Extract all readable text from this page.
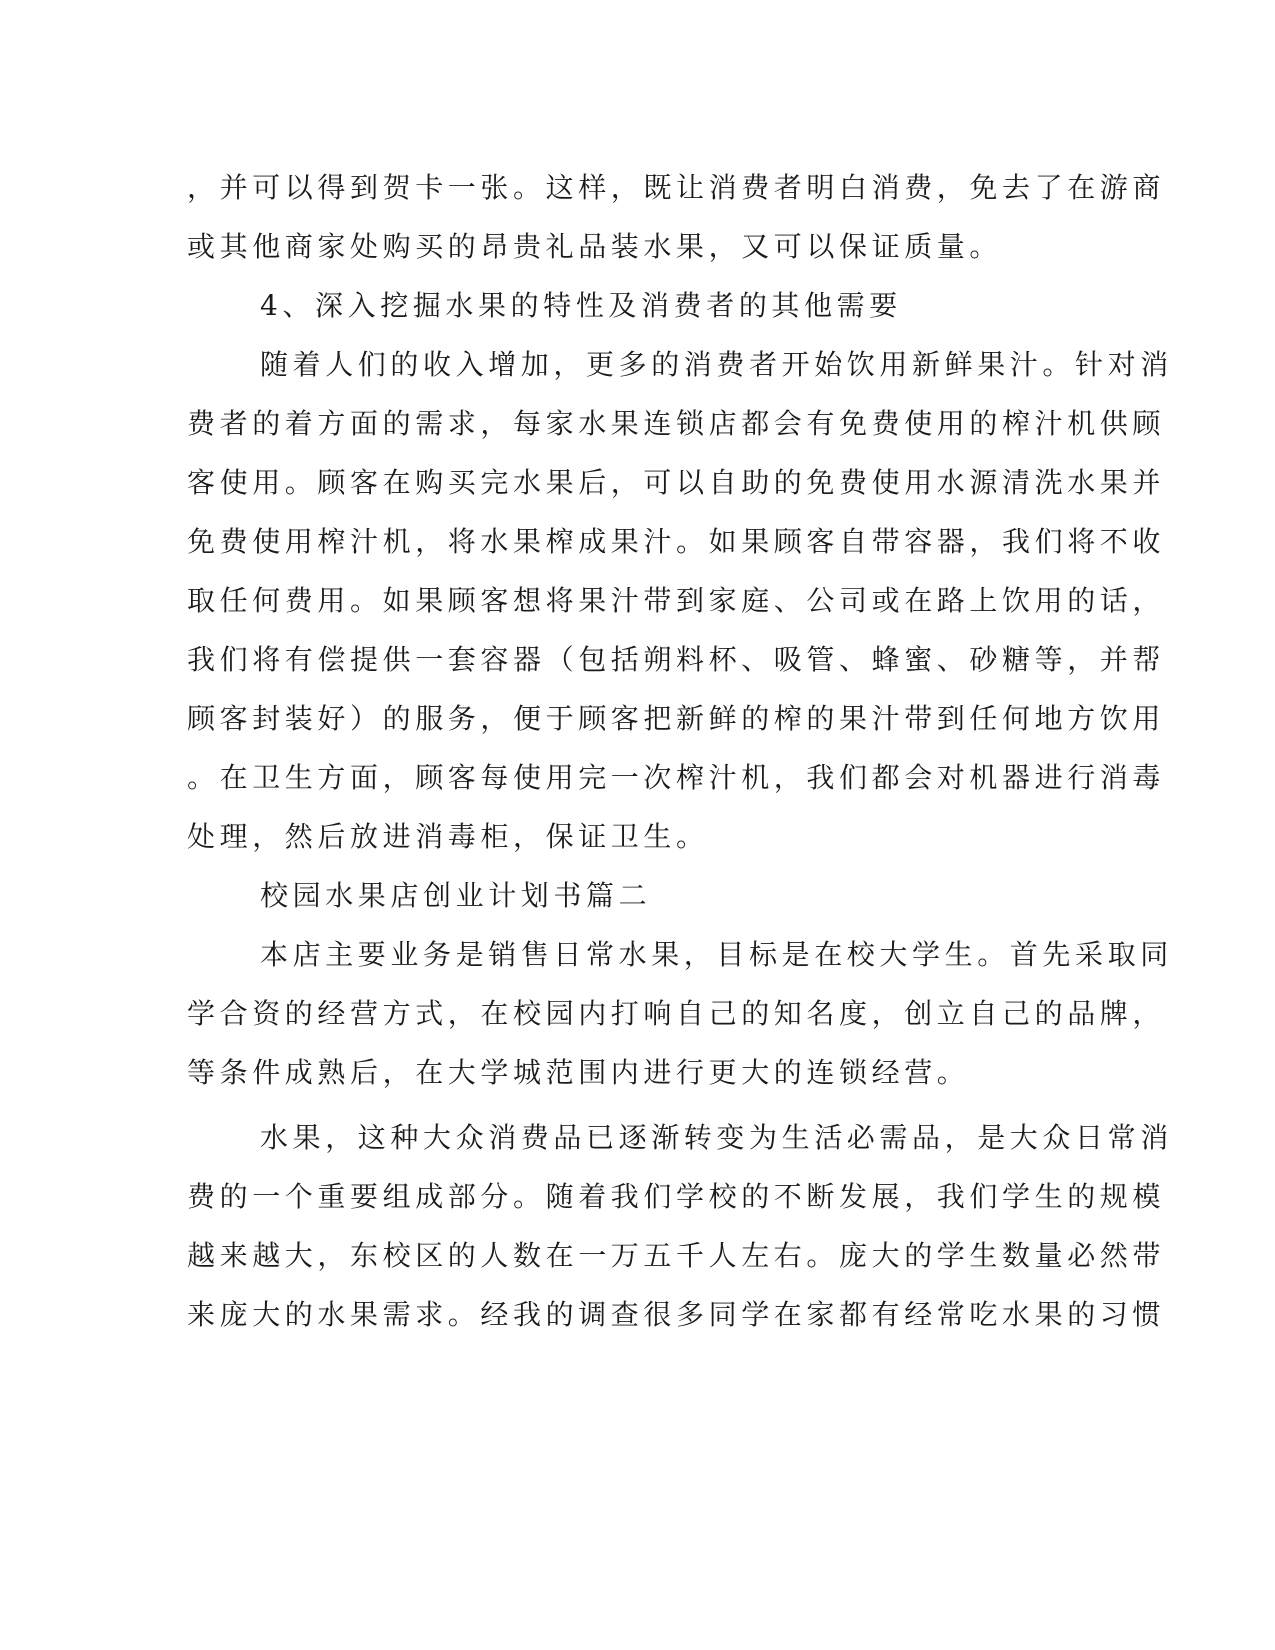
，并可以得到贺卡一张。这样，既让消费者明白消费，免去了在游商
或其他商家处购买的昂贵礼品装水果，又可以保证质量。
4、深入挖掘水果的特性及消费者的其他需要
随着人们的收入增加，更多的消费者开始饮用新鲜果汁。针对消
费者的着方面的需求，每家水果连锁店都会有免费使用的榨汁机供顾
客使用。顾客在购买完水果后，可以自助的免费使用水源清洗水果并
免费使用榨汁机，将水果榨成果汁。如果顾客自带容器，我们将不收
取任何费用。如果顾客想将果汁带到家庭、公司或在路上饮用的话，
我们将有偿提供一套容器（包括朔料杯、吸管、蜂蜜、砂糖等，并帮
顾客封装好）的服务，便于顾客把新鲜的榨的果汁带到任何地方饮用
。在卫生方面，顾客每使用完一次榨汁机，我们都会对机器进行消毒
处理，然后放进消毒柜，保证卫生。
校园水果店创业计划书篇二
本店主要业务是销售日常水果，目标是在校大学生。首先采取同
学合资的经营方式，在校园内打响自己的知名度，创立自己的品牌，
等条件成熟后，在大学城范围内进行更大的连锁经营。
水果，这种大众消费品已逐渐转变为生活必需品，是大众日常消
费的一个重要组成部分。随着我们学校的不断发展，我们学生的规模
越来越大，东校区的人数在一万五千人左右。庞大的学生数量必然带
来庞大的水果需求。经我的调查很多同学在家都有经常吃水果的习惯
